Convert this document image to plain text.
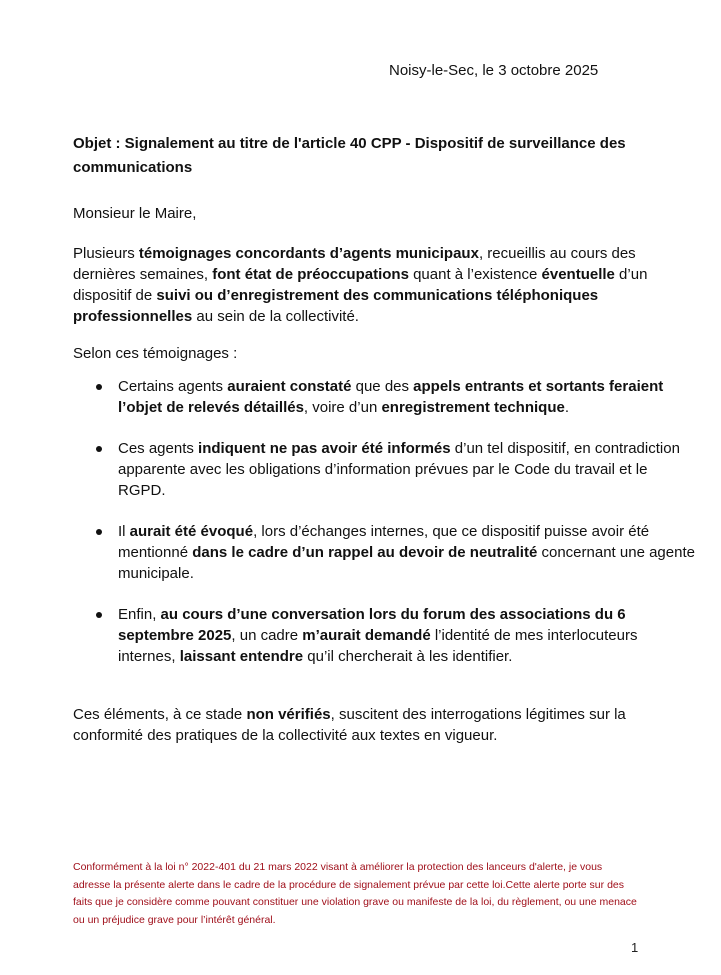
Noisy-le-Sec, le 3 octobre 2025
Objet : Signalement au titre de l'article 40 CPP - Dispositif de surveillance des communications
Monsieur le Maire,
Plusieurs témoignages concordants d’agents municipaux, recueillis au cours des dernières semaines, font état de préoccupations quant à l’existence éventuelle d’un dispositif de suivi ou d’enregistrement des communications téléphoniques professionnelles au sein de la collectivité.
Selon ces témoignages :
Certains agents auraient constaté que des appels entrants et sortants feraient l’objet de relevés détaillés, voire d’un enregistrement technique.
Ces agents indiquent ne pas avoir été informés d’un tel dispositif, en contradiction apparente avec les obligations d’information prévues par le Code du travail et le RGPD.
Il aurait été évoqué, lors d’échanges internes, que ce dispositif puisse avoir été mentionné dans le cadre d’un rappel au devoir de neutralité concernant une agente municipale.
Enfin, au cours d’une conversation lors du forum des associations du 6 septembre 2025, un cadre m’aurait demandé l’identité de mes interlocuteurs internes, laissant entendre qu’il chercherait à les identifier.
Ces éléments, à ce stade non vérifiés, suscitent des interrogations légitimes sur la conformité des pratiques de la collectivité aux textes en vigueur.
Conformément à la loi n° 2022-401 du 21 mars 2022 visant à améliorer la protection des lanceurs d'alerte, je vous adresse la présente alerte dans le cadre de la procédure de signalement prévue par cette loi.Cette alerte porte sur des faits que je considère comme pouvant constituer une violation grave ou manifeste de la loi, du règlement, ou une menace ou un préjudice grave pour l’intérêt général.
1
